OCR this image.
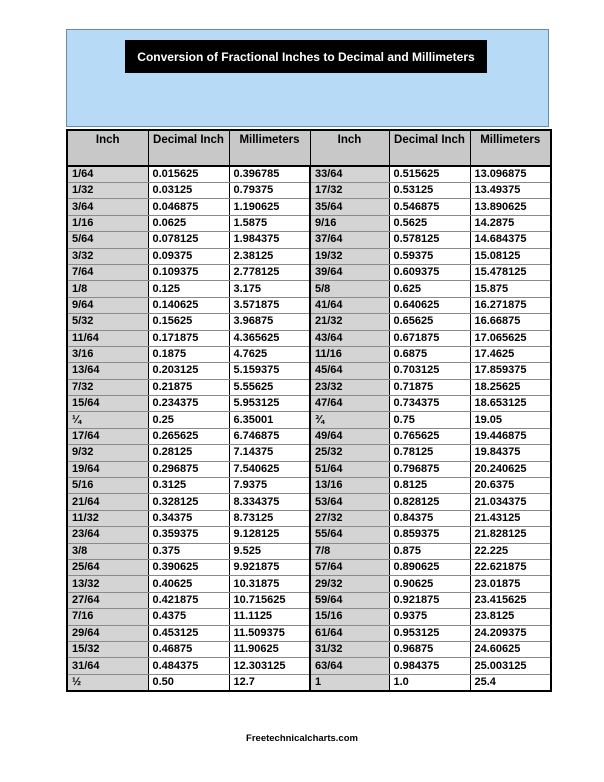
Conversion of Fractional Inches to Decimal and Millimeters
Inch	Decimal Inch	Millimeters	Inch	Decimal Inch	Millimeters
1/64	0.015625	0.396785	33/64	0.515625	13.096875
1/32	0.03125	0.79375	17/32	0.53125	13.49375
3/64	0.046875	1.190625	35/64	0.546875	13.890625
1/16	0.0625	1.5875	9/16	0.5625	14.2875
5/64	0.078125	1.984375	37/64	0.578125	14.684375
3/32	0.09375	2.38125	19/32	0.59375	15.08125
7/64	0.109375	2.778125	39/64	0.609375	15.478125
1/8	0.125	3.175	5/8	0.625	15.875
9/64	0.140625	3.571875	41/64	0.640625	16.271875
5/32	0.15625	3.96875	21/32	0.65625	16.66875
11/64	0.171875	4.365625	43/64	0.671875	17.065625
3/16	0.1875	4.7625	11/16	0.6875	17.4625
13/64	0.203125	5.159375	45/64	0.703125	17.859375
7/32	0.21875	5.55625	23/32	0.71875	18.25625
15/64	0.234375	5.953125	47/64	0.734375	18.653125
¼	0.25	6.35001	¾	0.75	19.05
17/64	0.265625	6.746875	49/64	0.765625	19.446875
9/32	0.28125	7.14375	25/32	0.78125	19.84375
19/64	0.296875	7.540625	51/64	0.796875	20.240625
5/16	0.3125	7.9375	13/16	0.8125	20.6375
21/64	0.328125	8.334375	53/64	0.828125	21.034375
11/32	0.34375	8.73125	27/32	0.84375	21.43125
23/64	0.359375	9.128125	55/64	0.859375	21.828125
3/8	0.375	9.525	7/8	0.875	22.225
25/64	0.390625	9.921875	57/64	0.890625	22.621875
13/32	0.40625	10.31875	29/32	0.90625	23.01875
27/64	0.421875	10.715625	59/64	0.921875	23.415625
7/16	0.4375	11.1125	15/16	0.9375	23.8125
29/64	0.453125	11.509375	61/64	0.953125	24.209375
15/32	0.46875	11.90625	31/32	0.96875	24.60625
31/64	0.484375	12.303125	63/64	0.984375	25.003125
½	0.50	12.7	1	1.0	25.4
Freetechnicalcharts.com
